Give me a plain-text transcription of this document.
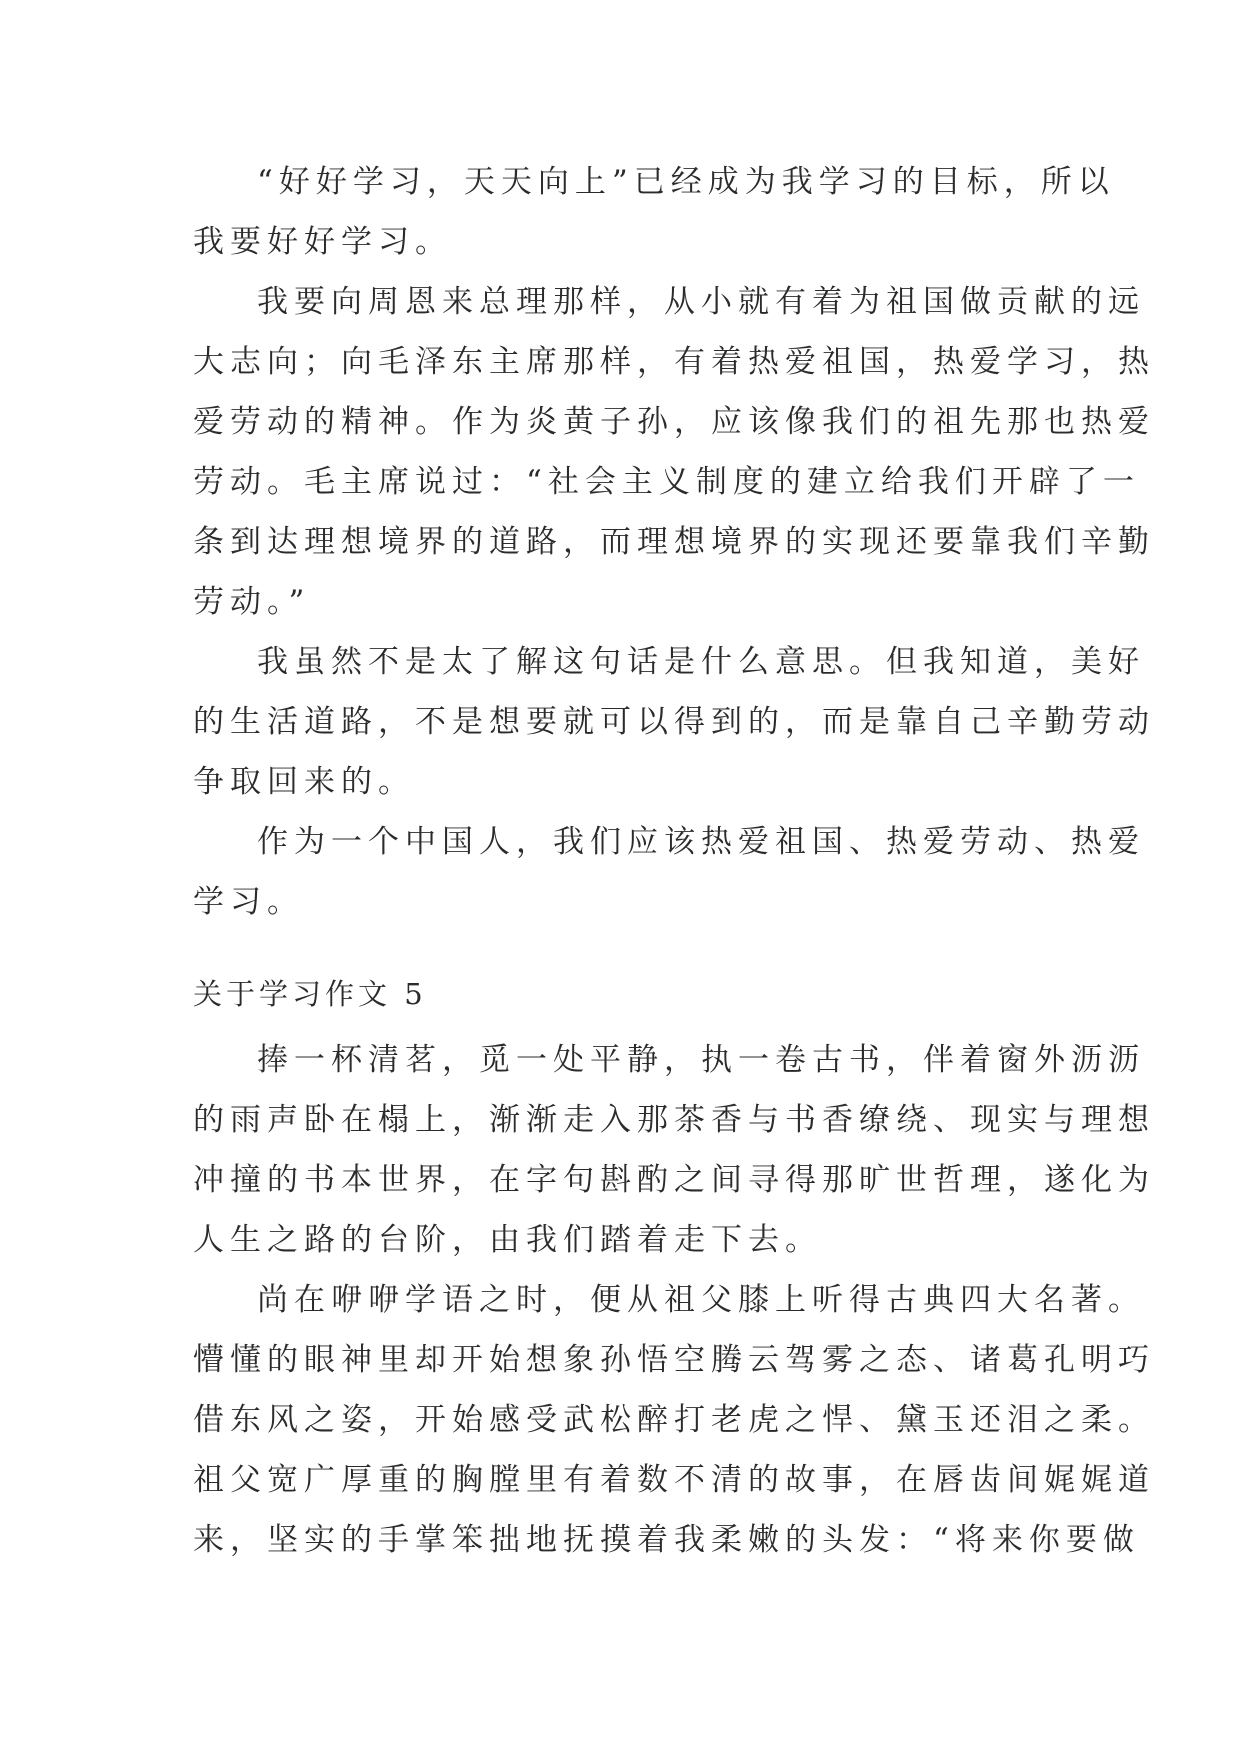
“好好学习，天天向上”已经成为我学习的目标，所以
我要好好学习。
我要向周恩来总理那样，从小就有着为祖国做贡献的远
大志向；向毛泽东主席那样，有着热爱祖国，热爱学习，热
爱劳动的精神。作为炎黄子孙，应该像我们的祖先那也热爱
劳动。毛主席说过：“社会主义制度的建立给我们开辟了一
条到达理想境界的道路，而理想境界的实现还要靠我们辛勤
劳动。”
我虽然不是太了解这句话是什么意思。但我知道，美好
的生活道路，不是想要就可以得到的，而是靠自己辛勤劳动
争取回来的。
作为一个中国人，我们应该热爱祖国、热爱劳动、热爱
学习。
关于学习作文 5
捧一杯清茗，觅一处平静，执一卷古书，伴着窗外沥沥
的雨声卧在榻上，渐渐走入那茶香与书香缭绕、现实与理想
冲撞的书本世界，在字句斟酌之间寻得那旷世哲理，遂化为
人生之路的台阶，由我们踏着走下去。
尚在咿咿学语之时，便从祖父膝上听得古典四大名著。
懵懂的眼神里却开始想象孙悟空腾云驾雾之态、诸葛孔明巧
借东风之姿，开始感受武松醉打老虎之悍、黛玉还泪之柔。
祖父宽广厚重的胸膛里有着数不清的故事，在唇齿间娓娓道
来，坚实的手掌笨拙地抚摸着我柔嫩的头发：“将来你要做
